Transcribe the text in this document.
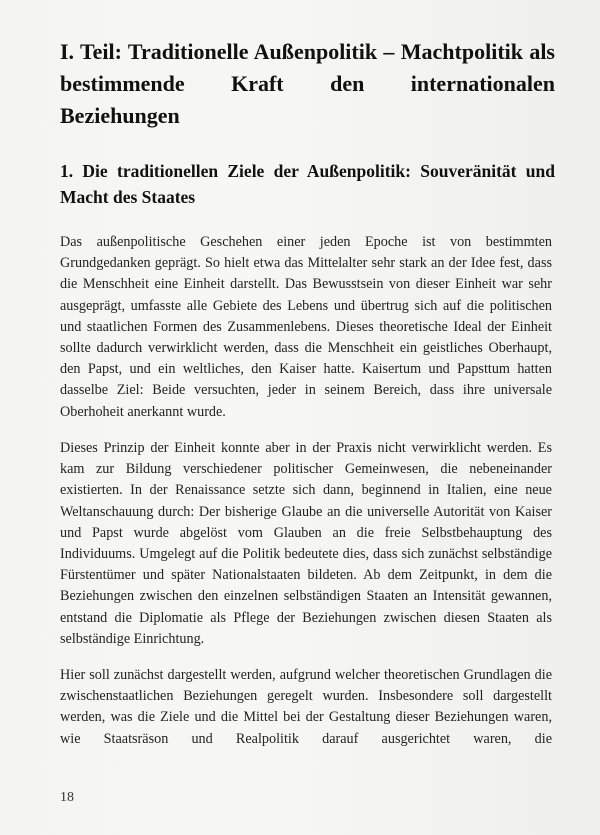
I. Teil: Traditionelle Außenpolitik – Machtpolitik als bestimmende Kraft den internationalen Beziehungen
1. Die traditionellen Ziele der Außenpolitik: Souveränität und Macht des Staates

Das außenpolitische Geschehen einer jeden Epoche ist von bestimmten Grundgedanken geprägt. So hielt etwa das Mittelalter sehr stark an der Idee fest, dass die Menschheit eine Einheit darstellt. Das Bewusstsein von dieser Einheit war sehr ausgeprägt, umfasste alle Gebiete des Lebens und übertrug sich auf die politischen und staatlichen Formen des Zusammenlebens. Dieses theoretische Ideal der Einheit sollte dadurch verwirklicht werden, dass die Menschheit ein geistliches Oberhaupt, den Papst, und ein weltliches, den Kaiser hatte. Kaisertum und Papsttum hatten dasselbe Ziel: Beide versuchten, jeder in seinem Bereich, dass ihre universale Oberhoheit anerkannt wurde.

Dieses Prinzip der Einheit konnte aber in der Praxis nicht verwirklicht werden. Es kam zur Bildung verschiedener politischer Gemeinwesen, die nebeneinander existierten. In der Renaissance setzte sich dann, beginnend in Italien, eine neue Weltanschauung durch: Der bisherige Glaube an die universelle Autorität von Kaiser und Papst wurde abgelöst vom Glauben an die freie Selbstbehauptung des Individuums. Umgelegt auf die Politik bedeutete dies, dass sich zunächst selbständige Fürstentümer und später Nationalstaaten bildeten. Ab dem Zeitpunkt, in dem die Beziehungen zwischen den einzelnen selbständigen Staaten an Intensität gewannen, entstand die Diplomatie als Pflege der Beziehungen zwischen diesen Staaten als selbständige Einrichtung.

Hier soll zunächst dargestellt werden, aufgrund welcher theoretischen Grundlagen die zwischenstaatlichen Beziehungen geregelt wurden. Insbesondere soll dargestellt werden, was die Ziele und die Mittel bei der Gestaltung dieser Beziehungen waren, wie Staatsräson und Realpolitik darauf ausgerichtet waren, die

18
